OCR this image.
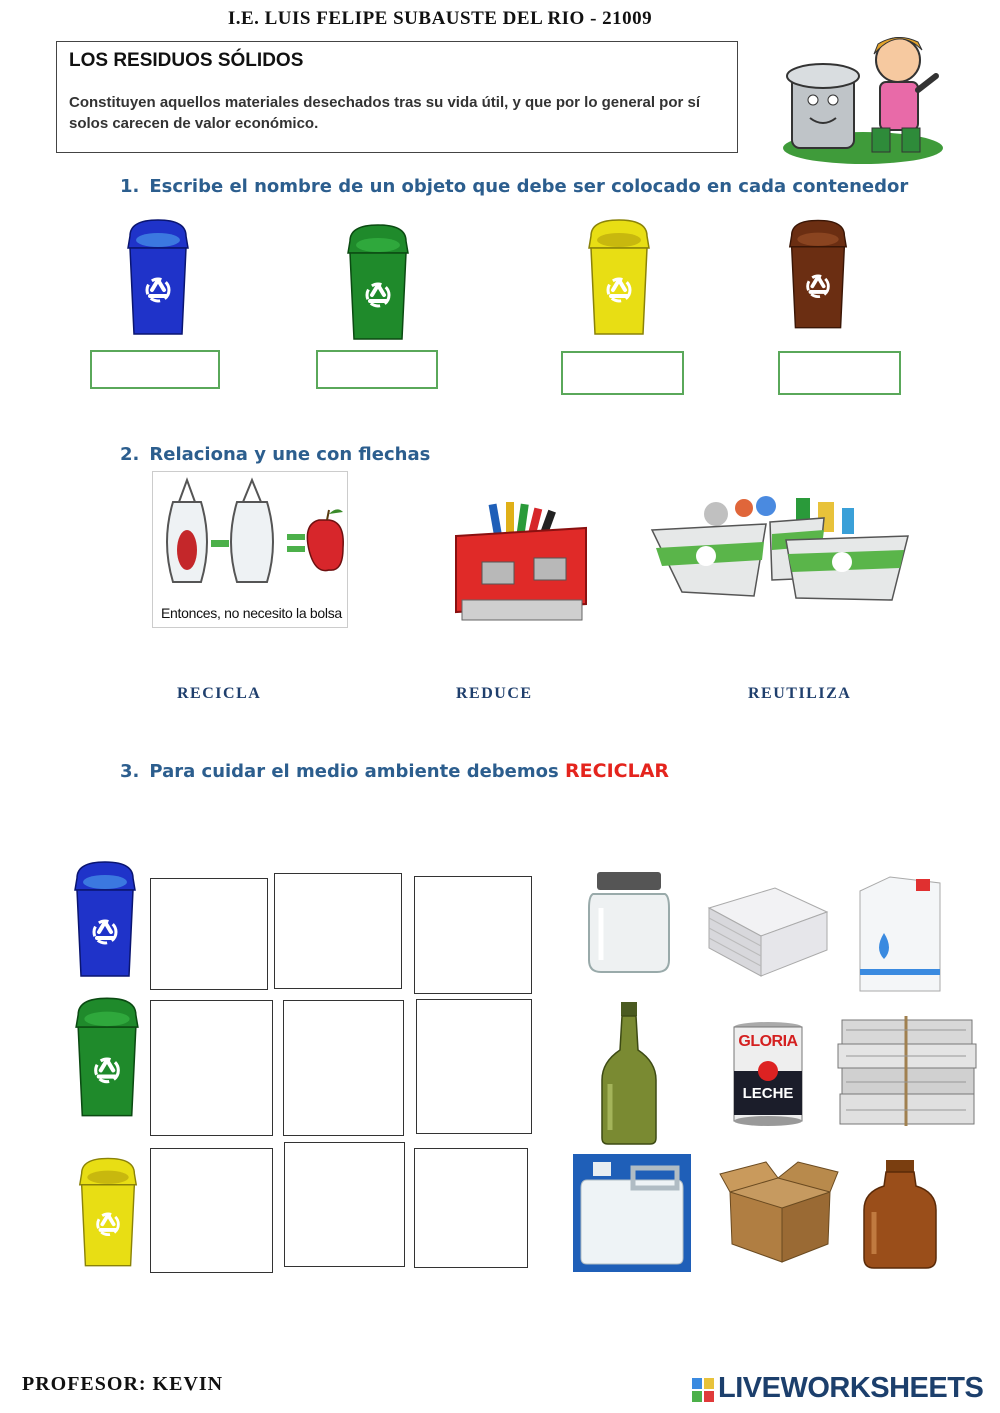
I.E. LUIS FELIPE SUBAUSTE DEL RIO - 21009
LOS RESIDUOS SÓLIDOS
Constituyen aquellos materiales desechados tras su vida útil, y que por lo general por sí solos carecen de valor económico.
1. Escribe el nombre de un objeto que debe ser colocado en cada contenedor
2. Relaciona y une con flechas
Entonces, no necesito la bolsa
RECICLA	REDUCE	REUTILIZA
3. Para cuidar el medio ambiente debemos RECICLAR
GLORIA
LECHE
PROFESOR: KEVIN	LIVEWORKSHEETS
